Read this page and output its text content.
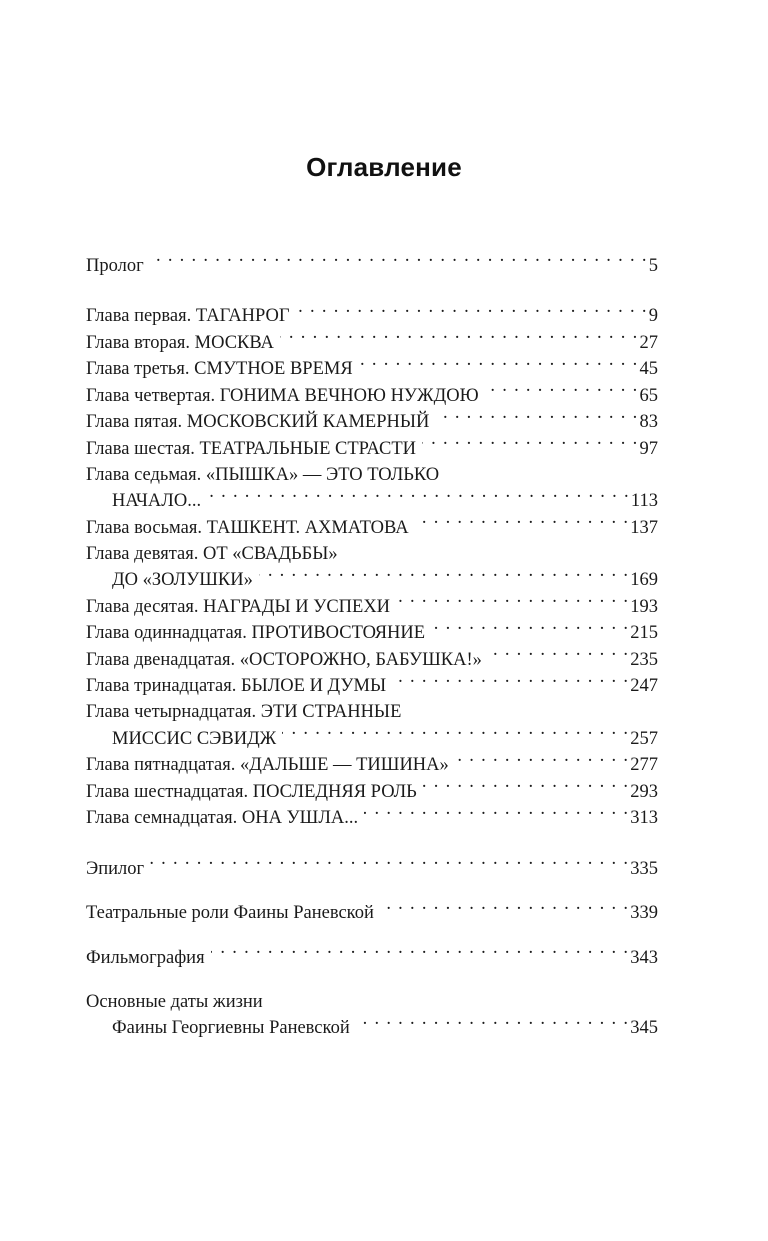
Оглавление
Пролог . . .	5
Глава первая. ТАГАНРОГ . . .	9
Глава вторая. МОСКВА . . .	27
Глава третья. СМУТНОЕ ВРЕМЯ . . .	45
Глава четвертая. ГОНИМА ВЕЧНОЮ НУЖДОЮ . . .	65
Глава пятая. МОСКОВСКИЙ КАМЕРНЫЙ . . .	83
Глава шестая. ТЕАТРАЛЬНЫЕ СТРАСТИ . . .	97
Глава седьмая. «ПЫШКА» — ЭТО ТОЛЬКО
НАЧАЛО... . . .	113
Глава восьмая. ТАШКЕНТ. АХМАТОВА . . .	137
Глава девятая. ОТ «СВАДЬБЫ»
ДО «ЗОЛУШКИ» . . .	169
Глава десятая. НАГРАДЫ И УСПЕХИ . . .	193
Глава одиннадцатая. ПРОТИВОСТОЯНИЕ . . .	215
Глава двенадцатая. «ОСТОРОЖНО, БАБУШКА!» . . .	235
Глава тринадцатая. БЫЛОЕ И ДУМЫ . . .	247
Глава четырнадцатая. ЭТИ СТРАННЫЕ
МИССИС СЭВИДЖ . . .	257
Глава пятнадцатая. «ДАЛЬШЕ — ТИШИНА» . . .	277
Глава шестнадцатая. ПОСЛЕДНЯЯ РОЛЬ . . .	293
Глава семнадцатая. ОНА УШЛА... . . .	313
Эпилог . . .	335
Театральные роли Фаины Раневской . . .	339
Фильмография . . .	343
Основные даты жизни
Фаины Георгиевны Раневской . . .	345
